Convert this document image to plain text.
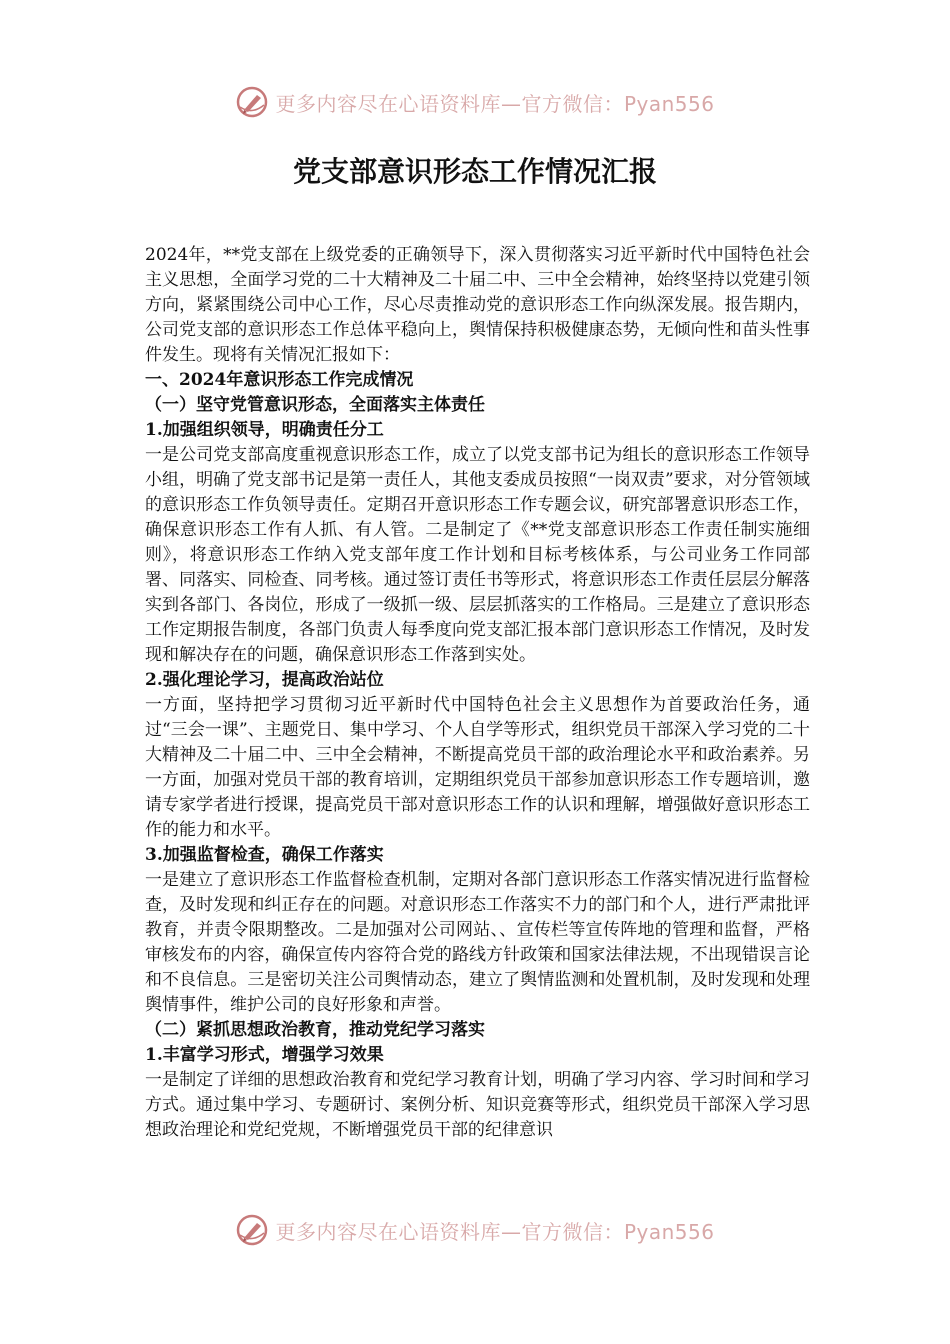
更多内容尽在心语资料库—官方微信：Pyan556
党支部意识形态工作情况汇报

2024年，**党支部在上级党委的正确领导下，深入贯彻落实习近平新时代中国特色社会主义思想，全面学习党的二十大精神及二十届二中、三中全会精神，始终坚持以党建引领方向，紧紧围绕公司中心工作，尽心尽责推动党的意识形态工作向纵深发展。报告期内，公司党支部的意识形态工作总体平稳向上，舆情保持积极健康态势，无倾向性和苗头性事件发生。现将有关情况汇报如下：

一、2024年意识形态工作完成情况

（一）坚守党管意识形态，全面落实主体责任

1.加强组织领导，明确责任分工

一是公司党支部高度重视意识形态工作，成立了以党支部书记为组长的意识形态工作领导小组，明确了党支部书记是第一责任人，其他支委成员按照“一岗双责”要求，对分管领域的意识形态工作负领导责任。定期召开意识形态工作专题会议，研究部署意识形态工作，确保意识形态工作有人抓、有人管。二是制定了《**党支部意识形态工作责任制实施细则》，将意识形态工作纳入党支部年度工作计划和目标考核体系，与公司业务工作同部署、同落实、同检查、同考核。通过签订责任书等形式，将意识形态工作责任层层分解落实到各部门、各岗位，形成了一级抓一级、层层抓落实的工作格局。三是建立了意识形态工作定期报告制度，各部门负责人每季度向党支部汇报本部门意识形态工作情况，及时发现和解决存在的问题，确保意识形态工作落到实处。

2.强化理论学习，提高政治站位

一方面，坚持把学习贯彻习近平新时代中国特色社会主义思想作为首要政治任务，通过“三会一课”、主题党日、集中学习、个人自学等形式，组织党员干部深入学习党的二十大精神及二十届二中、三中全会精神，不断提高党员干部的政治理论水平和政治素养。另一方面，加强对党员干部的教育培训，定期组织党员干部参加意识形态工作专题培训，邀请专家学者进行授课，提高党员干部对意识形态工作的认识和理解，增强做好意识形态工作的能力和水平。

3.加强监督检查，确保工作落实

一是建立了意识形态工作监督检查机制，定期对各部门意识形态工作落实情况进行监督检查，及时发现和纠正存在的问题。对意识形态工作落实不力的部门和个人，进行严肃批评教育，并责令限期整改。二是加强对公司网站、、宣传栏等宣传阵地的管理和监督，严格审核发布的内容，确保宣传内容符合党的路线方针政策和国家法律法规，不出现错误言论和不良信息。三是密切关注公司舆情动态，建立了舆情监测和处置机制，及时发现和处理舆情事件，维护公司的良好形象和声誉。

（二）紧抓思想政治教育，推动党纪学习落实

1.丰富学习形式，增强学习效果

一是制定了详细的思想政治教育和党纪学习教育计划，明确了学习内容、学习时间和学习方式。通过集中学习、专题研讨、案例分析、知识竞赛等形式，组织党员干部深入学习思想政治理论和党纪党规，不断增强党员干部的纪律意识

更多内容尽在心语资料库—官方微信：Pyan556
